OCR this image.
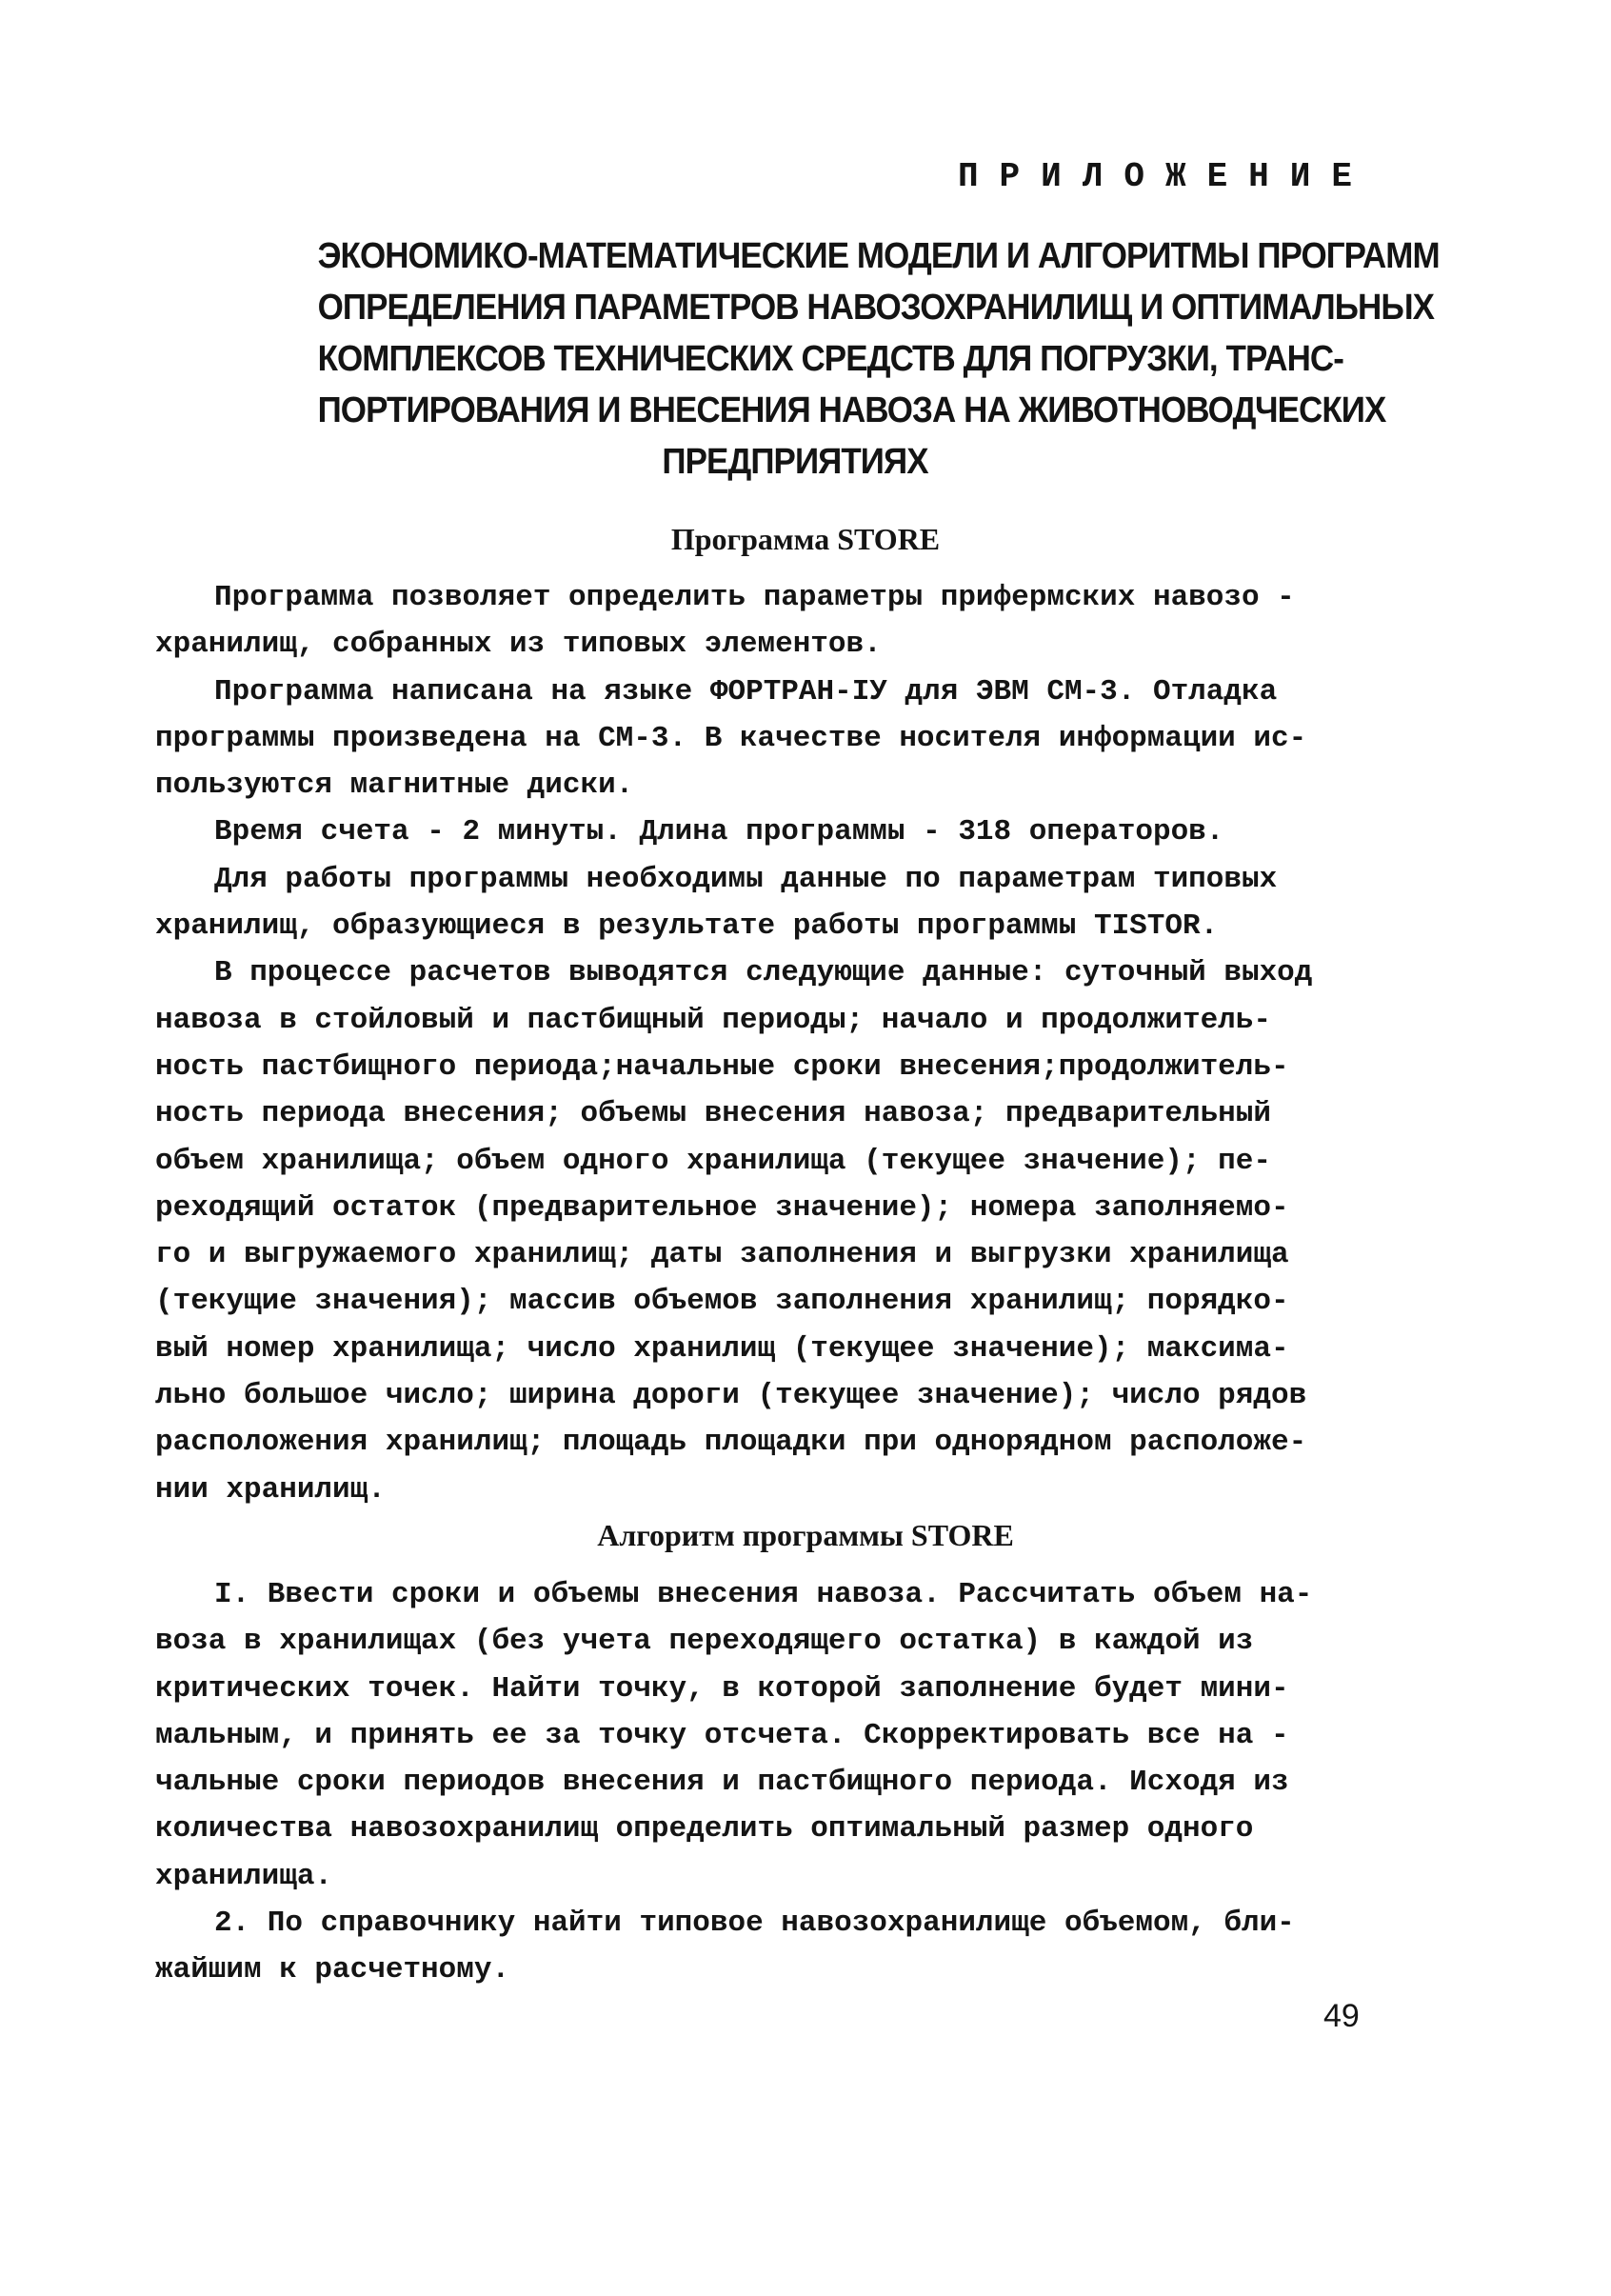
ПРИЛОЖЕНИЕ
ЭКОНОМИКО-МАТЕМАТИЧЕСКИЕ МОДЕЛИ И АЛГОРИТМЫ ПРОГРАММ
ОПРЕДЕЛЕНИЯ ПАРАМЕТРОВ НАВОЗОХРАНИЛИЩ И ОПТИМАЛЬНЫХ
КОМПЛЕКСОВ ТЕХНИЧЕСКИХ СРЕДСТВ ДЛЯ ПОГРУЗКИ, ТРАНС-
ПОРТИРОВАНИЯ И ВНЕСЕНИЯ НАВОЗА НА ЖИВОТНОВОДЧЕСКИХ
ПРЕДПРИЯТИЯХ
Программа STORE
Программа позволяет определить параметры прифермских навозо -
хранилищ, собранных из типовых элементов.
Программа написана на языке ФОРТРАН-IУ для ЭВМ СМ-3. Отладка
программы произведена на СМ-3. В качестве носителя информации ис-
пользуются магнитные диски.
Время счета - 2 минуты. Длина программы - 318 операторов.
Для работы программы необходимы данные по параметрам типовых
хранилищ, образующиеся в результате работы программы TISTOR.
В процессе расчетов выводятся следующие данные: суточный выход
навоза в стойловый и пастбищный периоды; начало и продолжитель-
ность пастбищного периода;начальные сроки внесения;продолжитель-
ность периода внесения; объемы внесения навоза; предварительный
объем хранилища; объем одного хранилища (текущее значение); пе-
реходящий остаток (предварительное значение); номера заполняемо-
го и выгружаемого хранилищ; даты заполнения и выгрузки хранилища
(текущие значения); массив объемов заполнения хранилищ; порядко-
вый номер хранилища; число хранилищ (текущее значение); максима-
льно большое число; ширина дороги (текущее значение); число рядов
расположения хранилищ; площадь площадки при однорядном расположе-
нии хранилищ.
Алгоритм программы STORE
I. Ввести сроки и объемы внесения навоза. Рассчитать объем на-
воза в хранилищах (без учета переходящего остатка) в каждой из
критических точек. Найти точку, в которой заполнение будет мини-
мальным, и принять ее за точку отсчета. Скорректировать все на -
чальные сроки периодов внесения и пастбищного периода. Исходя из
количества навозохранилищ определить оптимальный размер одного
хранилища.
2. По справочнику найти типовое навозохранилище объемом, бли-
жайшим к расчетному.
49
